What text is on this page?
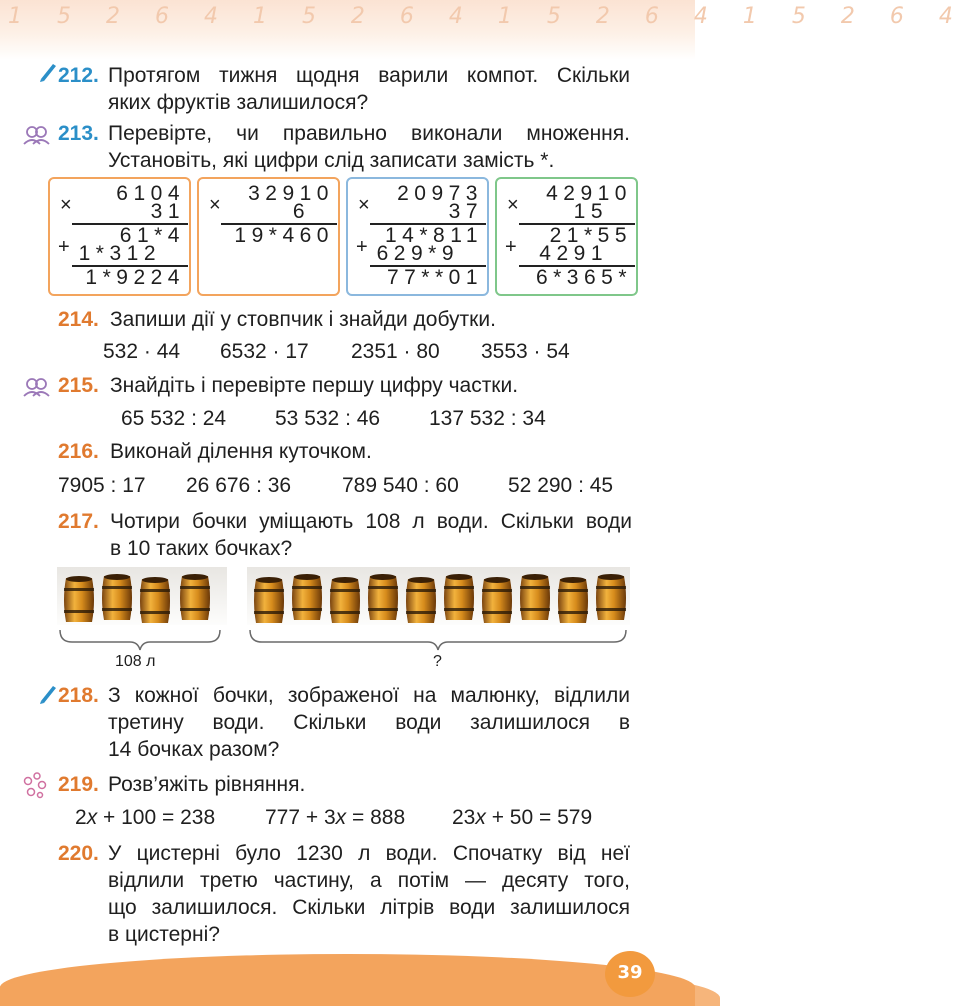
1 5 2 6 4 1 5 2 6 4 1 5 2 6 4 1 5 2 6 4
39
212. Протягом тижня щодня варили компот. Скільки
яких фруктів залишилося?
213. Перевірте, чи правильно виконали множення.
Установіть, які цифри слід записати замість *.
× 6104
31
+ 61*4
1*312
1*9224
× 32910
6
19*460
× 20973
37
+ 14*811
629*9
77**01
× 42910
15
+ 21*55
4291
6*365*
214. Запиши дії у стовпчик і знайди добутки.
532 · 44 6532 · 17 2351 · 80 3553 · 54
215. Знайдіть і перевірте першу цифру частки.
65 532 : 24 53 532 : 46 137 532 : 34
216. Виконай ділення куточком.
7905 : 17 26 676 : 36 789 540 : 60 52 290 : 45
217. Чотири бочки уміщають 108 л води. Скільки води
в 10 таких бочках?
108 л	?
218. З кожної бочки, зображеної на малюнку, відлили
третину води. Скільки води залишилося в
14 бочках разом?
219. Розв’яжіть рівняння.
2x + 100 = 238 777 + 3x = 888 23x + 50 = 579
220. У цистерні було 1230 л води. Спочатку від неї
відлили третю частину, а потім — десяту того,
що залишилося. Скільки літрів води залишилося
в цистерні?
